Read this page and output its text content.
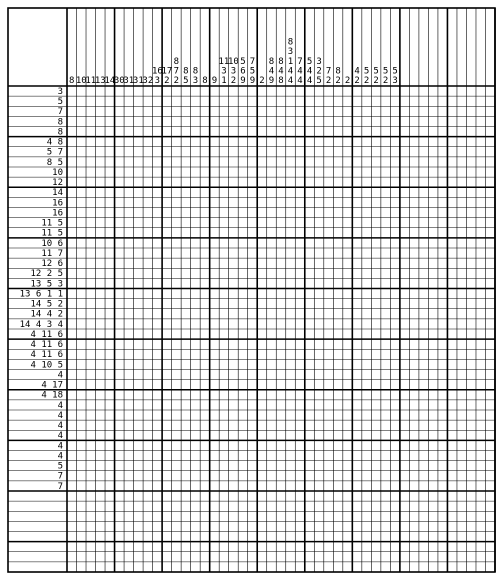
8 10
11
13
14
30
31
31
32
16
3
17
2
8
7
2
8
5
8
3 8 9
11
3
1
10
3
2
5
6
9
7
5
9 2
8
4
9
8
4
8
8
3
1
4
4
7
4
4
5
4
4
3
2
5
7
2
8
2 2
4
2
5
2
5
2
5
2
5
3
3
5
7
8
8
4 8
5 7
8 5
10
12
14
16
16
11 5
11 5
10 6
11 7
12 6
12 2 5
13 5 3
13 6 1 1
14 5 2
14 4 2
14 4 3 4
4 11 6
4 11 6
4 11 6
4 10 5
4
4 17
4 18
4
4
4
4
4
4
5
7
7
